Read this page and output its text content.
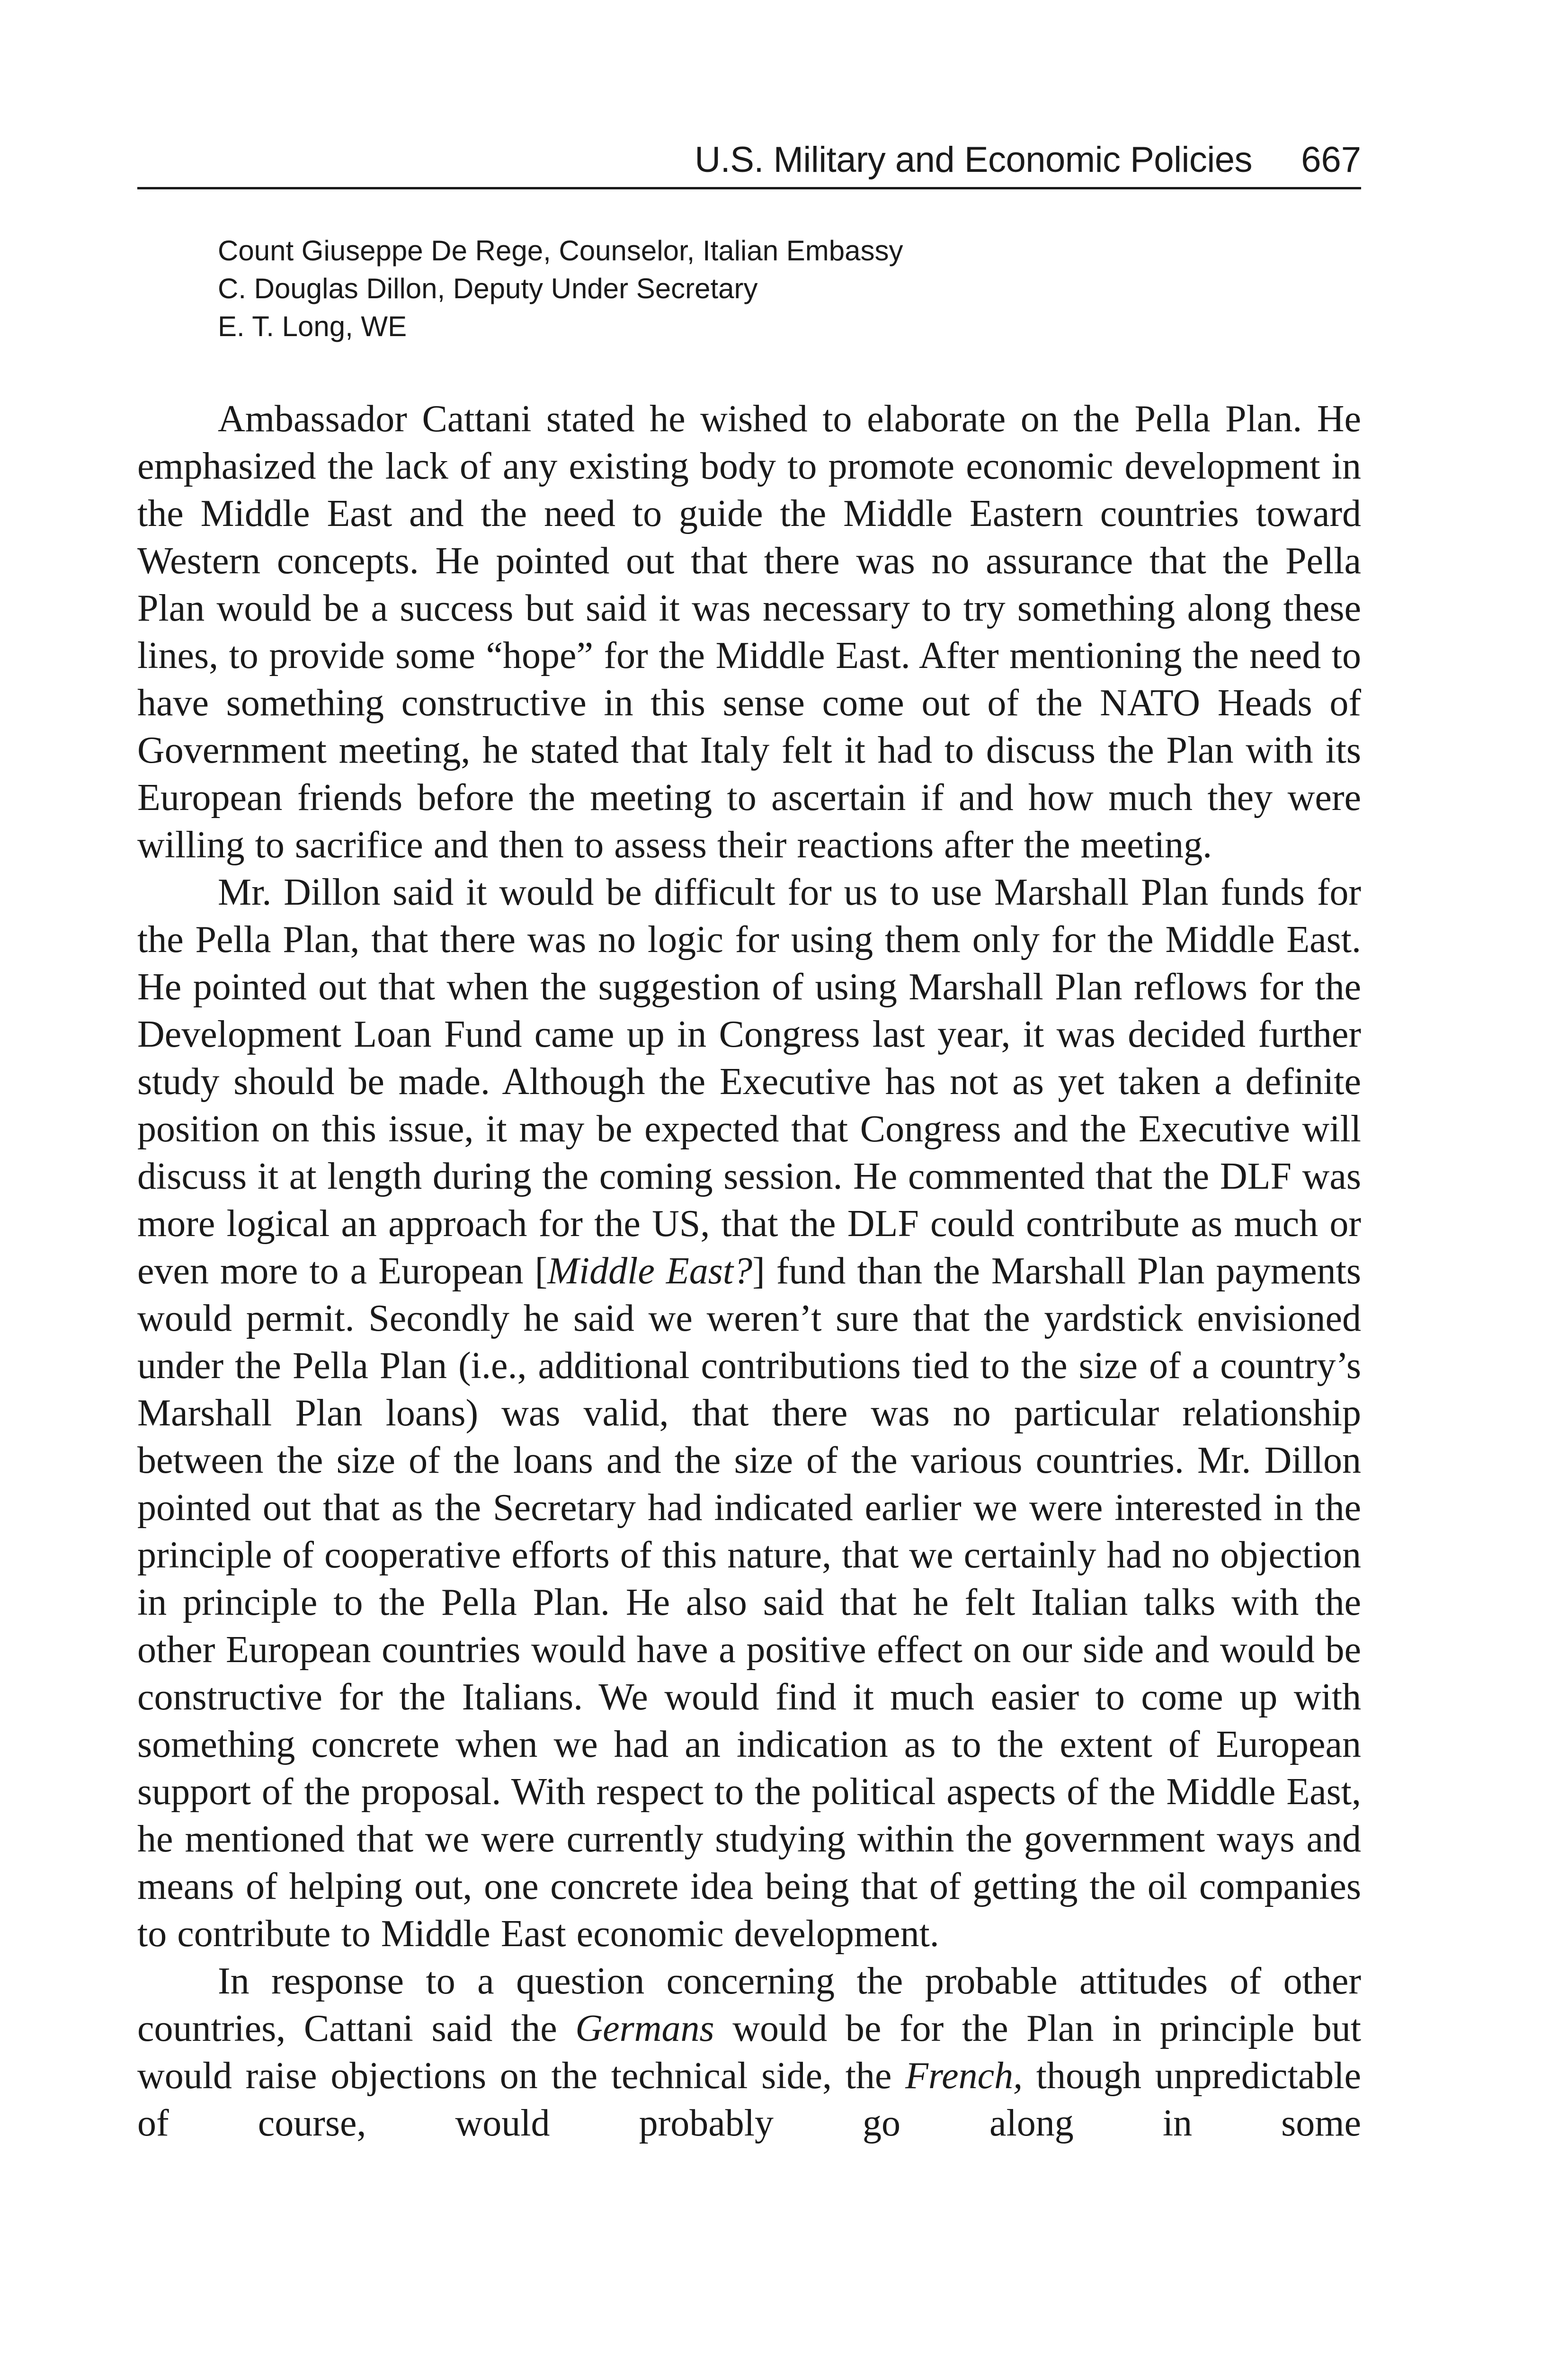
U.S. Military and Economic Policies 667
Count Giuseppe De Rege, Counselor, Italian Embassy
C. Douglas Dillon, Deputy Under Secretary
E. T. Long, WE

Ambassador Cattani stated he wished to elaborate on the Pella Plan. He emphasized the lack of any existing body to promote economic development in the Middle East and the need to guide the Middle Eastern countries toward Western concepts. He pointed out that there was no assurance that the Pella Plan would be a success but said it was necessary to try something along these lines, to provide some “hope” for the Middle East. After mentioning the need to have something constructive in this sense come out of the NATO Heads of Government meeting, he stated that Italy felt it had to discuss the Plan with its European friends before the meeting to ascertain if and how much they were willing to sacrifice and then to assess their reactions after the meeting.

Mr. Dillon said it would be difficult for us to use Marshall Plan funds for the Pella Plan, that there was no logic for using them only for the Middle East. He pointed out that when the suggestion of using Marshall Plan reflows for the Development Loan Fund came up in Congress last year, it was decided further study should be made. Although the Executive has not as yet taken a definite position on this issue, it may be expected that Congress and the Executive will discuss it at length during the coming session. He commented that the DLF was more logical an approach for the US, that the DLF could contribute as much or even more to a European [Middle East?] fund than the Marshall Plan payments would permit. Secondly he said we weren’t sure that the yardstick envisioned under the Pella Plan (i.e., additional contributions tied to the size of a country’s Marshall Plan loans) was valid, that there was no particular relationship between the size of the loans and the size of the various countries. Mr. Dillon pointed out that as the Secretary had indicated earlier we were interested in the principle of cooperative efforts of this nature, that we certainly had no objection in principle to the Pella Plan. He also said that he felt Italian talks with the other European countries would have a positive effect on our side and would be constructive for the Italians. We would find it much easier to come up with something concrete when we had an indication as to the extent of European support of the proposal. With respect to the political aspects of the Middle East, he mentioned that we were currently studying within the government ways and means of helping out, one concrete idea being that of getting the oil companies to contribute to Middle East economic development.

In response to a question concerning the probable attitudes of other countries, Cattani said the Germans would be for the Plan in principle but would raise objections on the technical side, the French, though unpredictable of course, would probably go along in some
